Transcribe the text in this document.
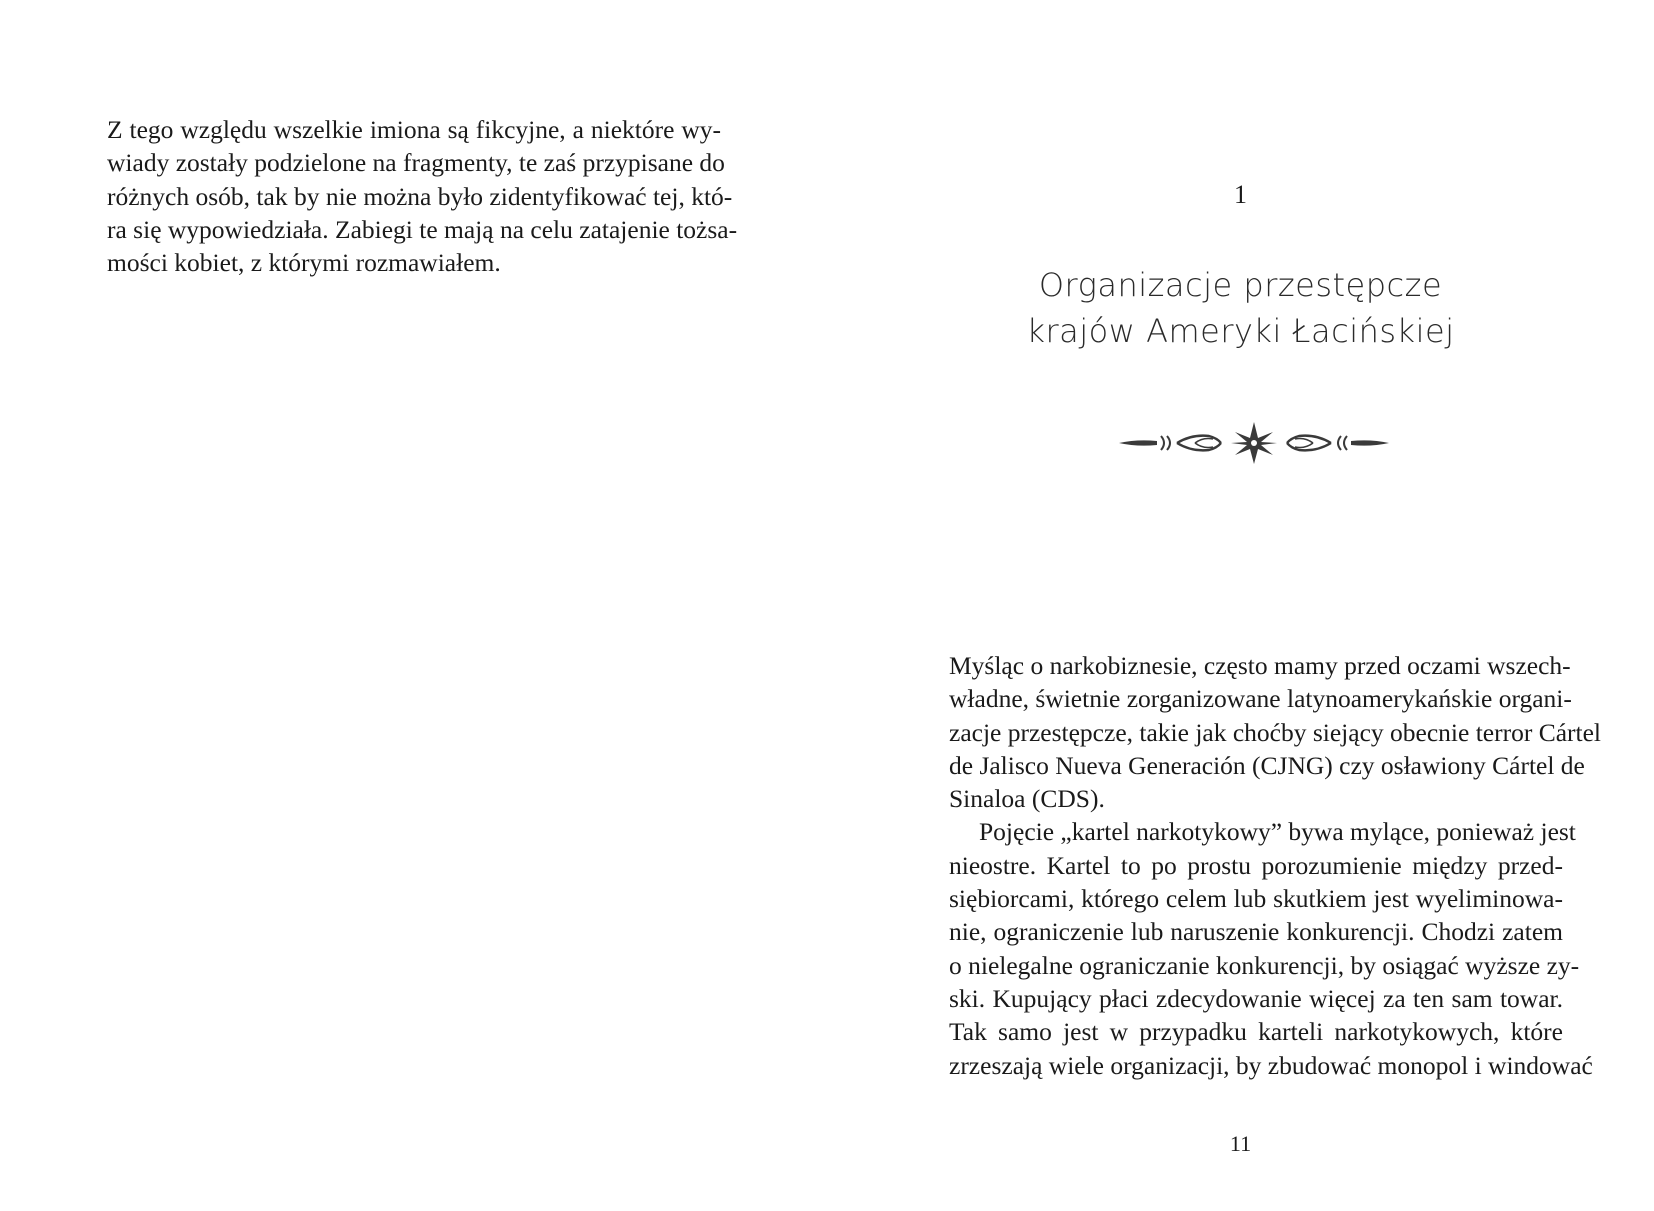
Z tego względu wszelkie imiona są fikcyjne, a niektóre wy-
wiady zostały podzielone na fragmenty, te zaś przypisane do
różnych osób, tak by nie można było zidentyfikować tej, któ-
ra się wypowiedziała. Zabiegi te mają na celu zatajenie tożsa-
mości kobiet, z którymi rozmawiałem.
1
Organizacje przestępcze
krajów Ameryki Łacińskiej
Myśląc o narkobiznesie, często mamy przed oczami wszech-
władne, świetnie zorganizowane latynoamerykańskie organi-
zacje przestępcze, takie jak choćby siejący obecnie terror Cártel
de Jalisco Nueva Generación (CJNG) czy osławiony Cártel de
Sinaloa (CDS).
Pojęcie „kartel narkotykowy” bywa mylące, ponieważ jest
nieostre. Kartel to po prostu porozumienie między przed-
siębiorcami, którego celem lub skutkiem jest wyeliminowa-
nie, ograniczenie lub naruszenie konkurencji. Chodzi zatem
o nielegalne ograniczanie konkurencji, by osiągać wyższe zy-
ski. Kupujący płaci zdecydowanie więcej za ten sam towar.
Tak samo jest w przypadku karteli narkotykowych, które
zrzeszają wiele organizacji, by zbudować monopol i windować
11
